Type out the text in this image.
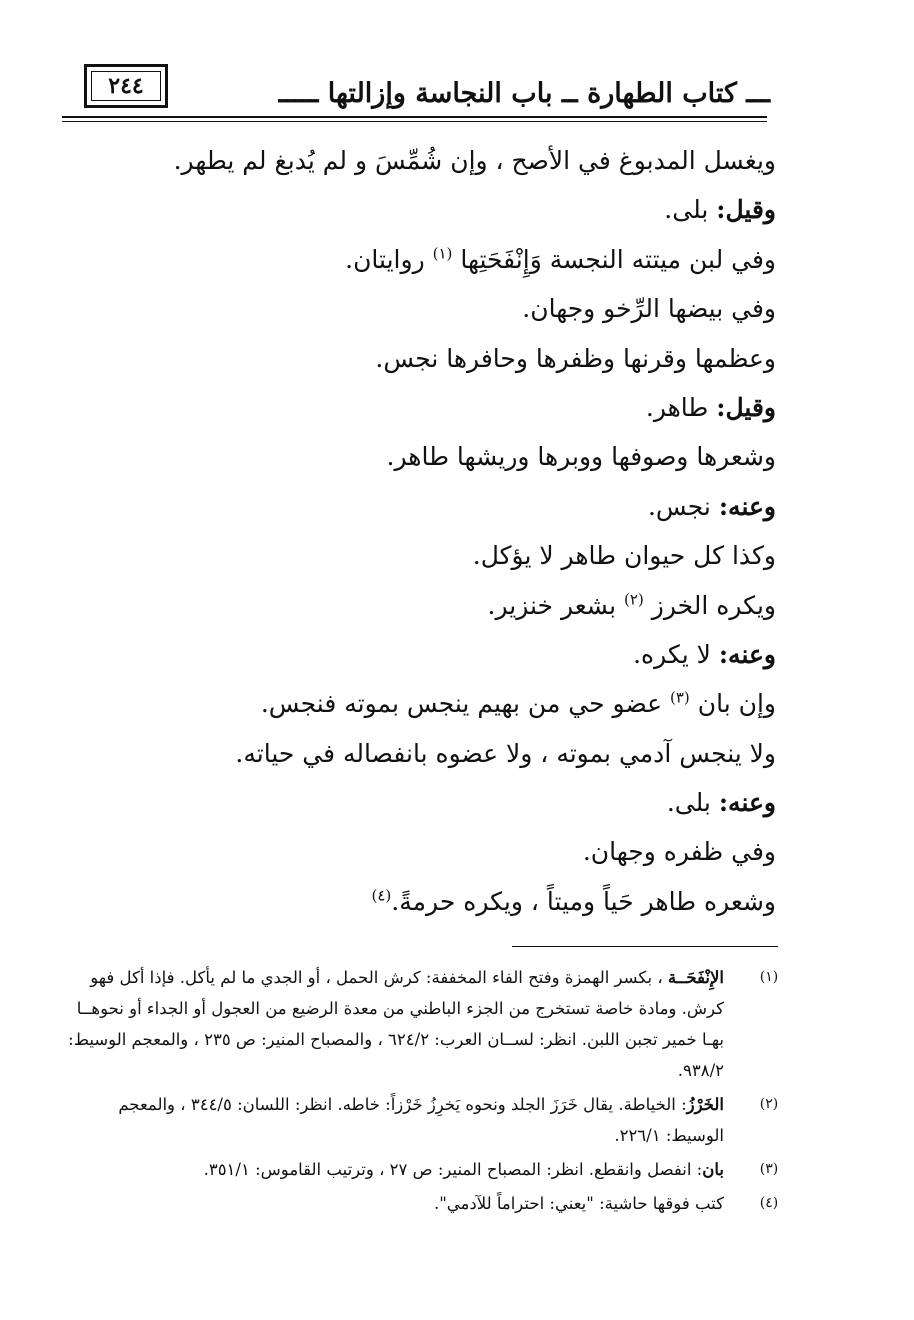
٢٤٤	ـــ كتاب الطهارة ــ باب النجاسة وإزالتها ـــــ
ويغسل المدبوغ في الأصح ، وإن شُمِّسَ و لم يُدبغ لم يطهر.
وقيل: بلى.
وفي لبن ميتته النجسة وَإِنْفَحَتِها $^{(١)}$ روايتان.
وفي بيضها الرِّخو وجهان.
وعظمها وقرنها وظفرها وحافرها نجس.
وقيل: طاهر.
وشعرها وصوفها ووبرها وريشها طاهر.
وعنه: نجس.
وكذا كل حيوان طاهر لا يؤكل.
ويكره الخرز $^{(٢)}$ بشعر خنزير.
وعنه: لا يكره.
وإن بان $^{(٣)}$ عضو حي من بهيم ينجس بموته فنجس.
ولا ينجس آدمي بموته ، ولا عضوه بانفصاله في حياته.
وعنه: بلى.
وفي ظفره وجهان.
وشعره طاهر حَياً وميتاً ، ويكره حرمةً.$^{(٤)}$
(١)
الإِنْفَحَــة ، بكسر الهمزة وفتح الفاء المخففة: كرش الحمل ، أو الجدي ما لم يأكل. فإذا أكل فهو كرش. ومادة خاصة تستخرج من الجزء الباطني من معدة الرضيع من العجول أو الجداء أو نحوهــا بهـا خمير تجبن اللبن. انظر: لســان العرب: ٦٢٤/٢ ، والمصباح المنير: ص ٢٣٥ ، والمعجم الوسيط: ٩٣٨/٢.
(٢)
الخَرْزُ: الخياطة. يقال خَرَزَ الجلد ونحوه يَخرِزُ خَرْزاً: خاطه. انظر: اللسان: ٣٤٤/٥ ، والمعجم الوسيط: ٢٢٦/١.
(٣)
بان: انفصل وانقطع. انظر: المصباح المنير: ص ٢٧ ، وترتيب القاموس: ٣٥١/١.
(٤)
كتب فوقها حاشية: "يعني: احتراماً للآدمي".
